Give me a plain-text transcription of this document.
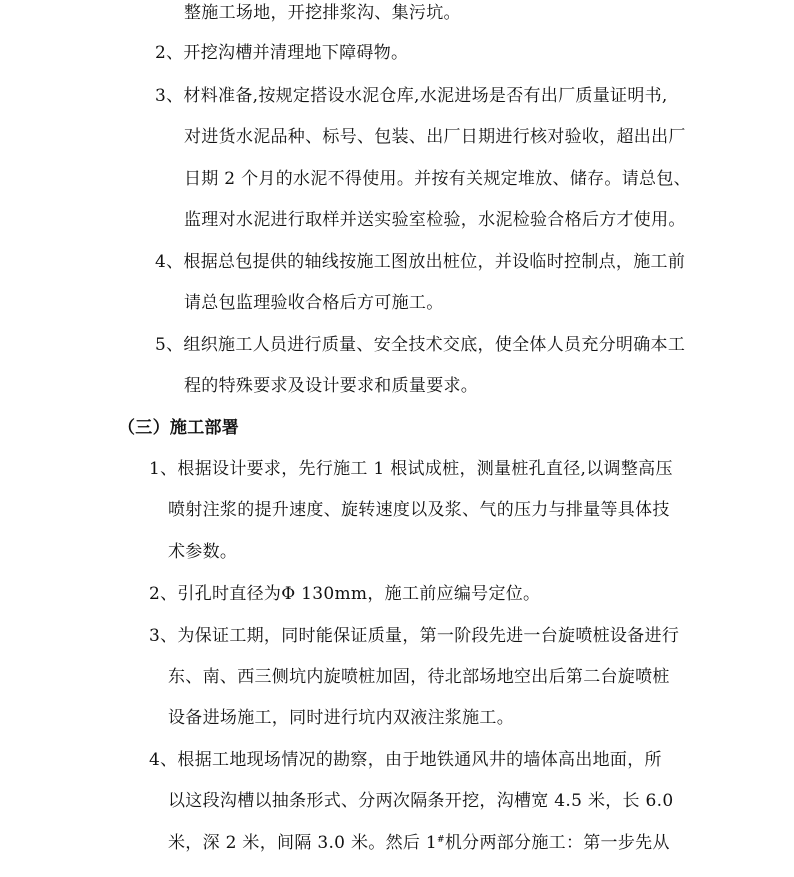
整施工场地，开挖排浆沟、集污坑。
2、开挖沟槽并清理地下障碍物。
3、材料准备,按规定搭设水泥仓库,水泥进场是否有出厂质量证明书,
对进货水泥品种、标号、包装、出厂日期进行核对验收，超出出厂
日期 2 个月的水泥不得使用。并按有关规定堆放、储存。请总包、
监理对水泥进行取样并送实验室检验，水泥检验合格后方才使用。
4、根据总包提供的轴线按施工图放出桩位，并设临时控制点，施工前
请总包监理验收合格后方可施工。
5、组织施工人员进行质量、安全技术交底，使全体人员充分明确本工
程的特殊要求及设计要求和质量要求。
（三）施工部署
1、根据设计要求，先行施工 1 根试成桩，测量桩孔直径,以调整高压
喷射注浆的提升速度、旋转速度以及浆、气的压力与排量等具体技
术参数。
2、引孔时直径为Φ 130mm，施工前应编号定位。
3、为保证工期，同时能保证质量，第一阶段先进一台旋喷桩设备进行
东、南、西三侧坑内旋喷桩加固，待北部场地空出后第二台旋喷桩
设备进场施工，同时进行坑内双液注浆施工。
4、根据工地现场情况的勘察，由于地铁通风井的墙体高出地面，所
以这段沟槽以抽条形式、分两次隔条开挖，沟槽宽 4.5 米，长 6.0
米，深 2 米，间隔 3.0 米。然后 1#机分两部分施工：第一步先从
